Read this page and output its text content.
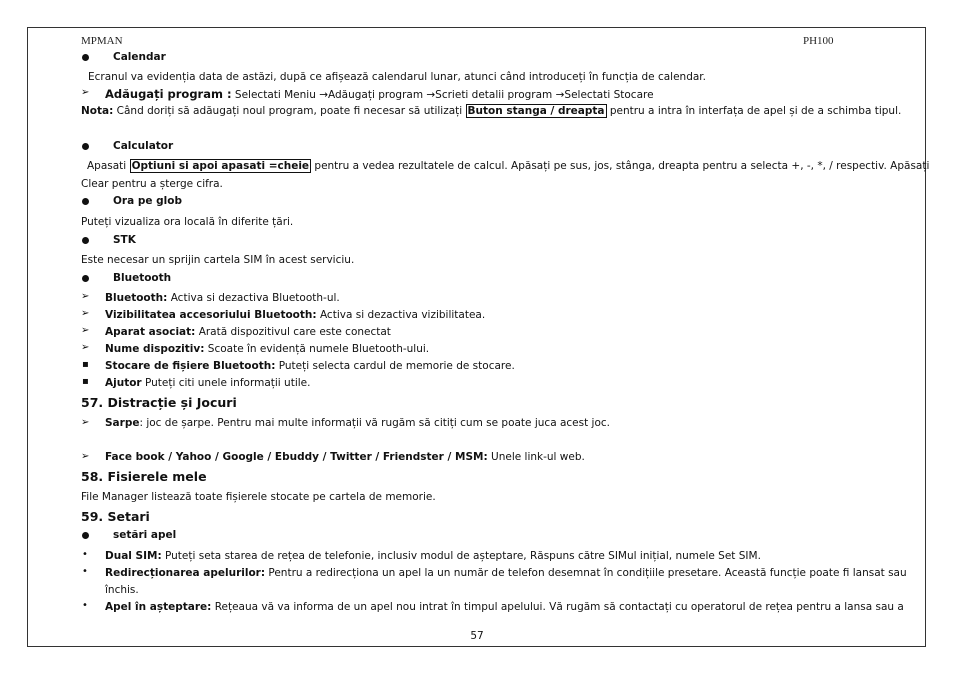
MPMAN	PH100
Calendar
Ecranul va evidenția data de astăzi, după ce afișează calendarul lunar, atunci când introduceți în funcția de calendar.
➢ Adăugați program : Selectati Meniu →Adăugați program →Scrieti detalii program →Selectati Stocare
Nota: Când doriți să adăugați noul program, poate fi necesar să utilizați Buton stanga / dreapta pentru a intra în interfața de apel și de a schimba tipul.
Calculator
Apasati Optiuni si apoi apasati =cheie pentru a vedea rezultatele de calcul. Apăsați pe sus, jos, stânga, dreapta pentru a selecta +, -, *, / respectiv. Apăsați
Clear pentru a șterge cifra.
Ora pe glob
Puteți vizualiza ora locală în diferite țări.
STK
Este necesar un sprijin cartela SIM în acest serviciu.
Bluetooth
➢ Bluetooth: Activa si dezactiva Bluetooth-ul.
➢ Vizibilitatea accesoriului Bluetooth: Activa si dezactiva vizibilitatea.
➢ Aparat asociat: Arată dispozitivul care este conectat
➢ Nume dispozitiv: Scoate în evidență numele Bluetooth-ului.
▪ Stocare de fișiere Bluetooth: Puteți selecta cardul de memorie de stocare.
▪ Ajutor Puteți citi unele informații utile.
57. Distracție și Jocuri
➢ Sarpe: joc de șarpe. Pentru mai multe informații vă rugăm să citiți cum se poate juca acest joc.
➢ Face book / Yahoo / Google / Ebuddy / Twitter / Friendster / MSM: Unele link-ul web.
58. Fisierele mele
File Manager listează toate fișierele stocate pe cartela de memorie.
59. Setari
setări apel
• Dual SIM: Puteți seta starea de rețea de telefonie, inclusiv modul de așteptare, Răspuns către SIMul inițial, numele Set SIM.
• Redirecționarea apelurilor: Pentru a redirecționa un apel la un număr de telefon desemnat în condițiile presetare. Această funcție poate fi lansat sau
închis.
• Apel în așteptare: Rețeaua vă va informa de un apel nou intrat în timpul apelului. Vă rugăm să contactați cu operatorul de rețea pentru a lansa sau a
57
